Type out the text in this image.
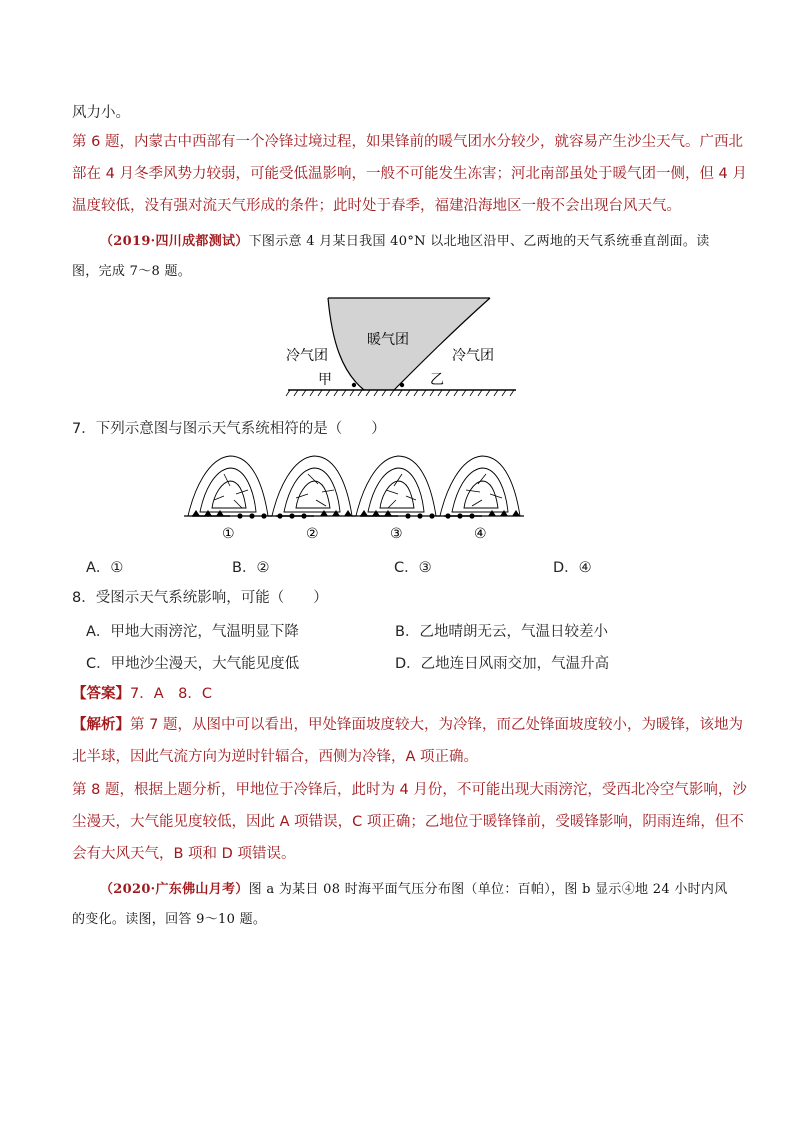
风力小。
第 6 题，内蒙古中西部有一个冷锋过境过程，如果锋前的暖气团水分较少，就容易产生沙尘天气。广西北
部在 4 月冬季风势力较弱，可能受低温影响，一般不可能发生冻害；河北南部虽处于暖气团一侧，但 4 月
温度较低，没有强对流天气形成的条件；此时处于春季，福建沿海地区一般不会出现台风天气。
（2019·四川成都测试）下图示意 4 月某日我国 40°N 以北地区沿甲、乙两地的天气系统垂直剖面。读
图，完成 7～8 题。
暖气团
冷气团	冷气团
甲	乙
7．下列示意图与图示天气系统相符的是（　　）
①	②	③	④
A．①	B．②	C．③	D．④
8．受图示天气系统影响，可能（　　）
A．甲地大雨滂沱，气温明显下降	B．乙地晴朗无云，气温日较差小
C．甲地沙尘漫天，大气能见度低	D．乙地连日风雨交加，气温升高
【答案】7．A　8．C
【解析】第 7 题，从图中可以看出，甲处锋面坡度较大，为冷锋，而乙处锋面坡度较小，为暖锋，该地为
北半球，因此气流方向为逆时针辐合，西侧为冷锋，A 项正确。
第 8 题，根据上题分析，甲地位于冷锋后，此时为 4 月份，不可能出现大雨滂沱，受西北冷空气影响，沙
尘漫天，大气能见度较低，因此 A 项错误，C 项正确；乙地位于暖锋锋前，受暖锋影响，阴雨连绵，但不
会有大风天气，B 项和 D 项错误。
（2020·广东佛山月考）图 a 为某日 08 时海平面气压分布图（单位：百帕），图 b 显示④地 24 小时内风
的变化。读图，回答 9～10 题。
